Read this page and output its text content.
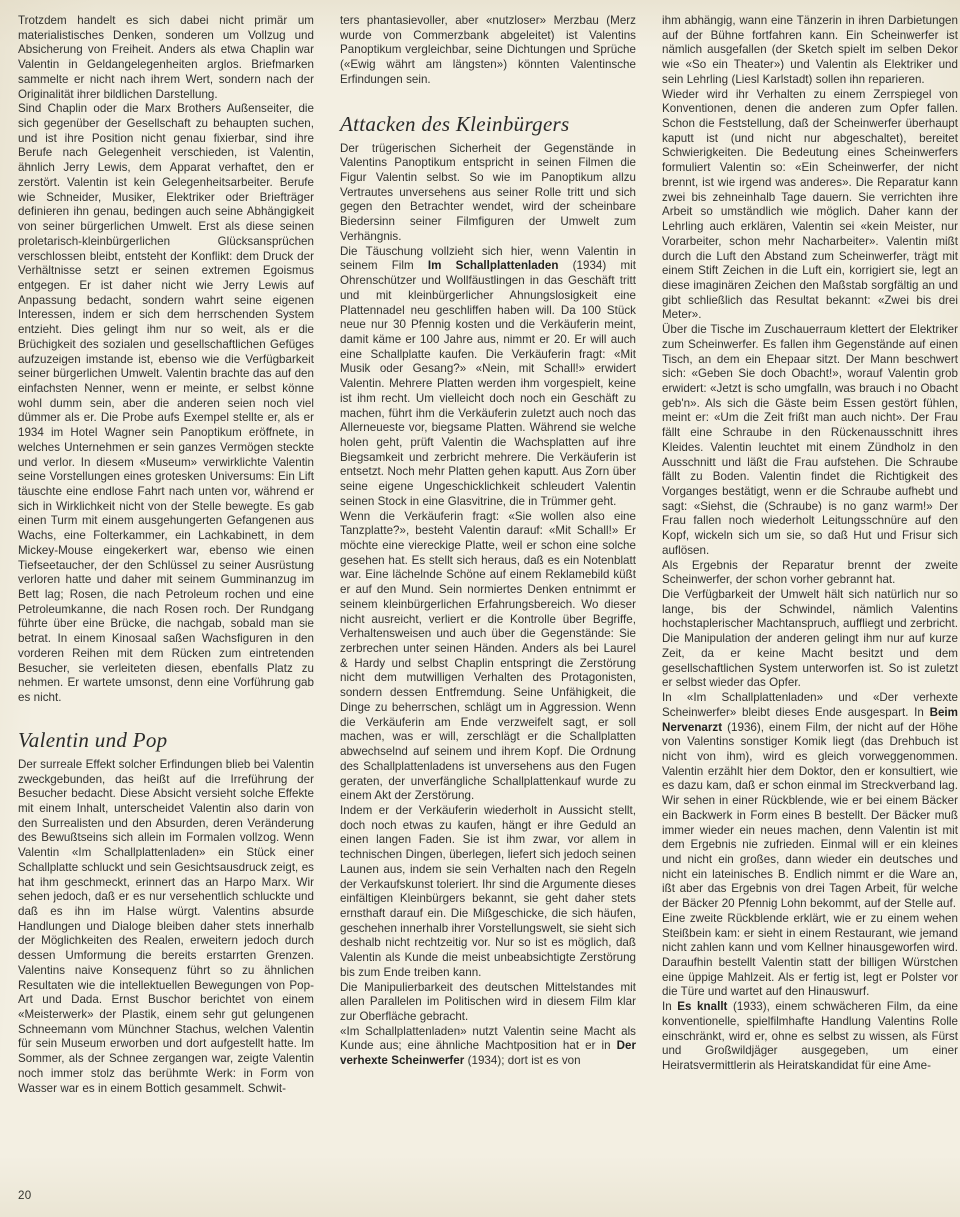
Trotzdem handelt es sich dabei nicht primär um materialistisches Denken, sonderen um Vollzug und Absicherung von Freiheit. Anders als etwa Chaplin war Valentin in Geldangelegenheiten arglos. Briefmarken sammelte er nicht nach ihrem Wert, sondern nach der Originalität ihrer bildlichen Darstellung.

Sind Chaplin oder die Marx Brothers Außenseiter, die sich gegenüber der Gesellschaft zu behaupten suchen, und ist ihre Position nicht genau fixierbar, sind ihre Berufe nach Gelegenheit verschieden, ist Valentin, ähnlich Jerry Lewis, dem Apparat verhaftet, den er zerstört. Valentin ist kein Gelegenheitsarbeiter. Berufe wie Schneider, Musiker, Elektriker oder Briefträger definieren ihn genau, bedingen auch seine Abhängigkeit von seiner bürgerlichen Umwelt. Erst als diese seinen proletarisch-kleinbürgerlichen Glücksansprüchen verschlossen bleibt, entsteht der Konflikt: dem Druck der Verhältnisse setzt er seinen extremen Egoismus entgegen. Er ist daher nicht wie Jerry Lewis auf Anpassung bedacht, sondern wahrt seine eigenen Interessen, indem er sich dem herrschenden System entzieht. Dies gelingt ihm nur so weit, als er die Brüchigkeit des sozialen und gesellschaftlichen Gefüges aufzuzeigen imstande ist, ebenso wie die Verfügbarkeit seiner bürgerlichen Umwelt. Valentin brachte das auf den einfachsten Nenner, wenn er meinte, er selbst könne wohl dumm sein, aber die anderen seien noch viel dümmer als er. Die Probe aufs Exempel stellte er, als er 1934 im Hotel Wagner sein Panoptikum eröffnete, in welches Unternehmen er sein ganzes Vermögen steckte und verlor. In diesem «Museum» verwirklichte Valentin seine Vorstellungen eines grotesken Universums: Ein Lift täuschte eine endlose Fahrt nach unten vor, während er sich in Wirklichkeit nicht von der Stelle bewegte. Es gab einen Turm mit einem ausgehungerten Gefangenen aus Wachs, eine Folterkammer, ein Lachkabinett, in dem Mickey-Mouse eingekerkert war, ebenso wie einen Tiefseetaucher, der den Schlüssel zu seiner Ausrüstung verloren hatte und daher mit seinem Gumminanzug im Bett lag; Rosen, die nach Petroleum rochen und eine Petroleumkanne, die nach Rosen roch. Der Rundgang führte über eine Brücke, die nachgab, sobald man sie betrat. In einem Kinosaal saßen Wachsfiguren in den vorderen Reihen mit dem Rücken zum eintretenden Besucher, sie verleiteten diesen, ebenfalls Platz zu nehmen. Er wartete umsonst, denn eine Vorführung gab es nicht.

Valentin und Pop

Der surreale Effekt solcher Erfindungen blieb bei Valentin zweckgebunden, das heißt auf die Irreführung der Besucher bedacht. Diese Absicht versieht solche Effekte mit einem Inhalt, unterscheidet Valentin also darin von den Surrealisten und den Absurden, deren Veränderung des Bewußtseins sich allein im Formalen vollzog. Wenn Valentin «Im Schallplattenladen» ein Stück einer Schallplatte schluckt und sein Gesichtsausdruck zeigt, es hat ihm geschmeckt, erinnert das an Harpo Marx. Wir sehen jedoch, daß er es nur versehentlich schluckte und daß es ihn im Halse würgt. Valentins absurde Handlungen und Dialoge bleiben daher stets innerhalb der Möglichkeiten des Realen, erweitern jedoch durch dessen Umformung die bereits erstarrten Grenzen. Valentins naive Konsequenz führt so zu ähnlichen Resultaten wie die intellektuellen Bewegungen von Pop-Art und Dada. Ernst Buschor berichtet von einem «Meisterwerk» der Plastik, einem sehr gut gelungenen Schneemann vom Münchner Stachus, welchen Valentin für sein Museum erworben und dort aufgestellt hatte. Im Sommer, als der Schnee zergangen war, zeigte Valentin noch immer stolz das berühmte Werk: in Form von Wasser war es in einem Bottich gesammelt. Schwit-

ters phantasievoller, aber «nutzloser» Merzbau (Merz wurde von Commerzbank abgeleitet) ist Valentins Panoptikum vergleichbar, seine Dichtungen und Sprüche («Ewig währt am längsten») könnten Valentinsche Erfindungen sein.

Attacken des Kleinbürgers

Der trügerischen Sicherheit der Gegenstände in Valentins Panoptikum entspricht in seinen Filmen die Figur Valentin selbst. So wie im Panoptikum allzu Vertrautes unversehens aus seiner Rolle tritt und sich gegen den Betrachter wendet, wird der scheinbare Biedersinn seiner Filmfiguren der Umwelt zum Verhängnis.

Die Täuschung vollzieht sich hier, wenn Valentin in seinem Film Im Schallplattenladen (1934) mit Ohrenschützer und Wollfäustlingen in das Geschäft tritt und mit kleinbürgerlicher Ahnungslosigkeit eine Plattennadel neu geschliffen haben will. Da 100 Stück neue nur 30 Pfennig kosten und die Verkäuferin meint, damit käme er 100 Jahre aus, nimmt er 20. Er will auch eine Schallplatte kaufen. Die Verkäuferin fragt: «Mit Musik oder Gesang?» «Nein, mit Schall!» erwidert Valentin. Mehrere Platten werden ihm vorgespielt, keine ist ihm recht. Um vielleicht doch noch ein Geschäft zu machen, führt ihm die Verkäuferin zuletzt auch noch das Allerneueste vor, biegsame Platten. Während sie welche holen geht, prüft Valentin die Wachsplatten auf ihre Biegsamkeit und zerbricht mehrere. Die Verkäuferin ist entsetzt. Noch mehr Platten gehen kaputt. Aus Zorn über seine eigene Ungeschicklichkeit schleudert Valentin seinen Stock in eine Glasvitrine, die in Trümmer geht.

Wenn die Verkäuferin fragt: «Sie wollen also eine Tanzplatte?», besteht Valentin darauf: «Mit Schall!» Er möchte eine viereckige Platte, weil er schon eine solche gesehen hat. Es stellt sich heraus, daß es ein Notenblatt war. Eine lächelnde Schöne auf einem Reklamebild küßt er auf den Mund. Sein normiertes Denken entnimmt er seinem kleinbürgerlichen Erfahrungsbereich. Wo dieser nicht ausreicht, verliert er die Kontrolle über Begriffe, Verhaltensweisen und auch über die Gegenstände: Sie zerbrechen unter seinen Händen. Anders als bei Laurel & Hardy und selbst Chaplin entspringt die Zerstörung nicht dem mutwilligen Verhalten des Protagonisten, sondern dessen Entfremdung. Seine Unfähigkeit, die Dinge zu beherrschen, schlägt um in Aggression. Wenn die Verkäuferin am Ende verzweifelt sagt, er soll machen, was er will, zerschlägt er die Schallplatten abwechselnd auf seinem und ihrem Kopf. Die Ordnung des Schallplattenladens ist unversehens aus den Fugen geraten, der unverfängliche Schallplattenkauf wurde zu einem Akt der Zerstörung.

Indem er der Verkäuferin wiederholt in Aussicht stellt, doch noch etwas zu kaufen, hängt er ihre Geduld an einen langen Faden. Sie ist ihm zwar, vor allem in technischen Dingen, überlegen, liefert sich jedoch seinen Launen aus, indem sie sein Verhalten nach den Regeln der Verkaufskunst toleriert. Ihr sind die Argumente dieses einfältigen Kleinbürgers bekannt, sie geht daher stets ernsthaft darauf ein. Die Mißgeschicke, die sich häufen, geschehen innerhalb ihrer Vorstellungswelt, sie sieht sich deshalb nicht rechtzeitig vor. Nur so ist es möglich, daß Valentin als Kunde die meist unbeabsichtigte Zerstörung bis zum Ende treiben kann.

Die Manipulierbarkeit des deutschen Mittelstandes mit allen Parallelen im Politischen wird in diesem Film klar zur Oberfläche gebracht.

«Im Schallplattenladen» nutzt Valentin seine Macht als Kunde aus; eine ähnliche Machtposition hat er in Der verhexte Scheinwerfer (1934); dort ist es von

ihm abhängig, wann eine Tänzerin in ihren Darbietungen auf der Bühne fortfahren kann. Ein Scheinwerfer ist nämlich ausgefallen (der Sketch spielt im selben Dekor wie «So ein Theater») und Valentin als Elektriker und sein Lehrling (Liesl Karlstadt) sollen ihn reparieren.

Wieder wird ihr Verhalten zu einem Zerrspiegel von Konventionen, denen die anderen zum Opfer fallen. Schon die Feststellung, daß der Scheinwerfer überhaupt kaputt ist (und nicht nur abgeschaltet), bereitet Schwierigkeiten. Die Bedeutung eines Scheinwerfers formuliert Valentin so: «Ein Scheinwerfer, der nicht brennt, ist wie irgend was anderes». Die Reparatur kann zwei bis zehneinhalb Tage dauern. Sie verrichten ihre Arbeit so umständlich wie möglich. Daher kann der Lehrling auch erklären, Valentin sei «kein Meister, nur Vorarbeiter, schon mehr Nacharbeiter». Valentin mißt durch die Luft den Abstand zum Scheinwerfer, trägt mit einem Stift Zeichen in die Luft ein, korrigiert sie, legt an diese imaginären Zeichen den Maßstab sorgfältig an und gibt schließlich das Resultat bekannt: «Zwei bis drei Meter».

Über die Tische im Zuschauerraum klettert der Elektriker zum Scheinwerfer. Es fallen ihm Gegenstände auf einen Tisch, an dem ein Ehepaar sitzt. Der Mann beschwert sich: «Geben Sie doch Obacht!», worauf Valentin grob erwidert: «Jetzt is scho umgfalln, was brauch i no Obacht geb'n». Als sich die Gäste beim Essen gestört fühlen, meint er: «Um die Zeit frißt man auch nicht». Der Frau fällt eine Schraube in den Rückenausschnitt ihres Kleides. Valentin leuchtet mit einem Zündholz in den Ausschnitt und läßt die Frau aufstehen. Die Schraube fällt zu Boden. Valentin findet die Richtigkeit des Vorganges bestätigt, wenn er die Schraube aufhebt und sagt: «Siehst, die (Schraube) is no ganz warm!» Der Frau fallen noch wiederholt Leitungsschnüre auf den Kopf, wickeln sich um sie, so daß Hut und Frisur sich auflösen.

Als Ergebnis der Reparatur brennt der zweite Scheinwerfer, der schon vorher gebrannt hat.

Die Verfügbarkeit der Umwelt hält sich natürlich nur so lange, bis der Schwindel, nämlich Valentins hochstaplerischer Machtanspruch, auffliegt und zerbricht. Die Manipulation der anderen gelingt ihm nur auf kurze Zeit, da er keine Macht besitzt und dem gesellschaftlichen System unterworfen ist. So ist zuletzt er selbst wieder das Opfer.

In «Im Schallplattenladen» und «Der verhexte Scheinwerfer» bleibt dieses Ende ausgespart. In Beim Nervenarzt (1936), einem Film, der nicht auf der Höhe von Valentins sonstiger Komik liegt (das Drehbuch ist nicht von ihm), wird es gleich vorweggenommen. Valentin erzählt hier dem Doktor, den er konsultiert, wie es dazu kam, daß er schon einmal im Streckverband lag. Wir sehen in einer Rückblende, wie er bei einem Bäcker ein Backwerk in Form eines B bestellt. Der Bäcker muß immer wieder ein neues machen, denn Valentin ist mit dem Ergebnis nie zufrieden. Einmal will er ein kleines und nicht ein großes, dann wieder ein deutsches und nicht ein lateinisches B. Endlich nimmt er die Ware an, ißt aber das Ergebnis von drei Tagen Arbeit, für welche der Bäcker 20 Pfennig Lohn bekommt, auf der Stelle auf.

Eine zweite Rückblende erklärt, wie er zu einem wehen Steißbein kam: er sieht in einem Restaurant, wie jemand nicht zahlen kann und vom Kellner hinausgeworfen wird. Daraufhin bestellt Valentin statt der billigen Würstchen eine üppige Mahlzeit. Als er fertig ist, legt er Polster vor die Türe und wartet auf den Hinauswurf.

In Es knallt (1933), einem schwächeren Film, da eine konventionelle, spielfilmhafte Handlung Valentins Rolle einschränkt, wird er, ohne es selbst zu wissen, als Fürst und Großwildjäger ausgegeben, um einer Heiratsvermittlerin als Heiratskandidat für eine Ame-

20
